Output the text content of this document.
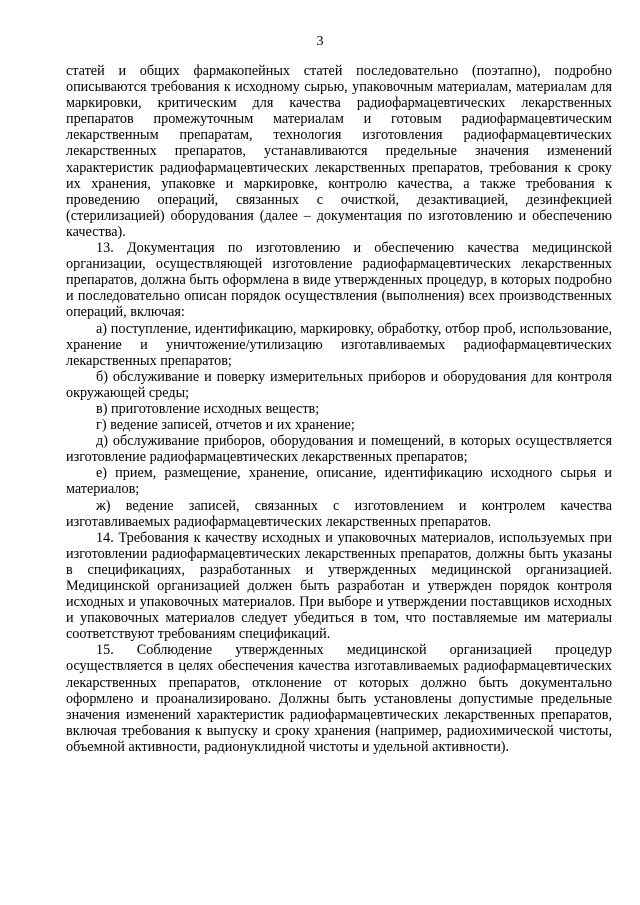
3

статей и общих фармакопейных статей последовательно (поэтапно), подробно описываются требования к исходному сырью, упаковочным материалам, материалам для маркировки, критическим для качества радиофармацевтических лекарственных препаратов промежуточным материалам и готовым радиофармацевтическим лекарственным препаратам, технология изготовления радиофармацевтических лекарственных препаратов, устанавливаются предельные значения изменений характеристик радиофармацевтических лекарственных препаратов, требования к сроку их хранения, упаковке и маркировке, контролю качества, а также требования к проведению операций, связанных с очисткой, дезактивацией, дезинфекцией (стерилизацией) оборудования (далее – документация по изготовлению и обеспечению качества).

13. Документация по изготовлению и обеспечению качества медицинской организации, осуществляющей изготовление радиофармацевтических лекарственных препаратов, должна быть оформлена в виде утвержденных процедур, в которых подробно и последовательно описан порядок осуществления (выполнения) всех производственных операций, включая:

а) поступление, идентификацию, маркировку, обработку, отбор проб, использование, хранение и уничтожение/утилизацию изготавливаемых радиофармацевтических лекарственных препаратов;

б) обслуживание и поверку измерительных приборов и оборудования для контроля окружающей среды;

в) приготовление исходных веществ;

г) ведение записей, отчетов и их хранение;

д) обслуживание приборов, оборудования и помещений, в которых осуществляется изготовление радиофармацевтических лекарственных препаратов;

е) прием, размещение, хранение, описание, идентификацию исходного сырья и материалов;

ж) ведение записей, связанных с изготовлением и контролем качества изготавливаемых радиофармацевтических лекарственных препаратов.

14. Требования к качеству исходных и упаковочных материалов, используемых при изготовлении радиофармацевтических лекарственных препаратов, должны быть указаны в спецификациях, разработанных и утвержденных медицинской организацией. Медицинской организацией должен быть разработан и утвержден порядок контроля исходных и упаковочных материалов. При выборе и утверждении поставщиков исходных и упаковочных материалов следует убедиться в том, что поставляемые им материалы соответствуют требованиям спецификаций.

15. Соблюдение утвержденных медицинской организацией процедур осуществляется в целях обеспечения качества изготавливаемых радиофармацевтических лекарственных препаратов, отклонение от которых должно быть документально оформлено и проанализировано. Должны быть установлены допустимые предельные значения изменений характеристик радиофармацевтических лекарственных препаратов, включая требования к выпуску и сроку хранения (например, радиохимической чистоты, объемной активности, радионуклидной чистоты и удельной активности).
